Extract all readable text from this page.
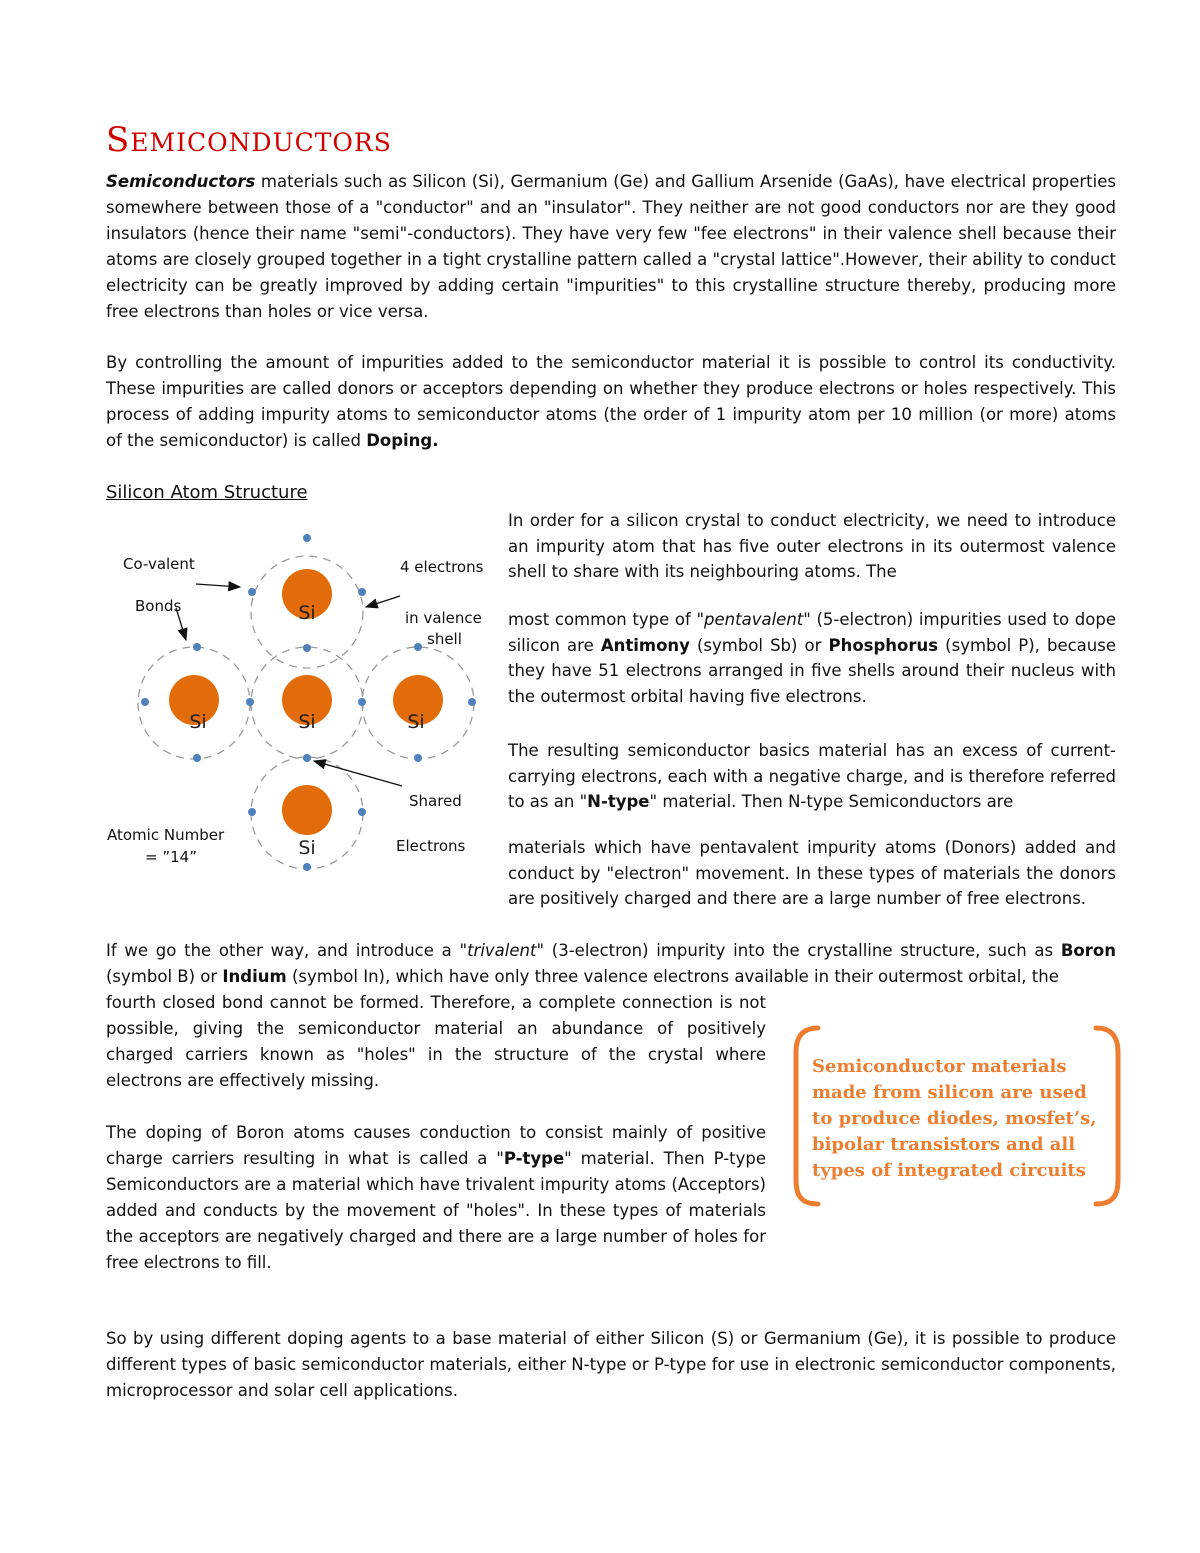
SEMICONDUCTORS

Semiconductors materials such as Silicon (Si), Germanium (Ge) and Gallium Arsenide (GaAs), have electrical properties somewhere between those of a "conductor" and an "insulator". They neither are not good conductors nor are they good insulators (hence their name "semi"-conductors). They have very few "fee electrons" in their valence shell because their atoms are closely grouped together in a tight crystalline pattern called a "crystal lattice".However, their ability to conduct electricity can be greatly improved by adding certain "impurities" to this crystalline structure thereby, producing more free electrons than holes or vice versa.

By controlling the amount of impurities added to the semiconductor material it is possible to control its conductivity. These impurities are called donors or acceptors depending on whether they produce electrons or holes respectively. This process of adding impurity atoms to semiconductor atoms (the order of 1 impurity atom per 10 million (or more) atoms of the semiconductor) is called Doping.

Silicon Atom Structure
Si
Si	Si	Si
Si
Co-valent
Bonds
4 electrons
in valence
shell
Shared
Electrons
Atomic Number
= ”14”

In order for a silicon crystal to conduct electricity, we need to introduce an impurity atom that has five outer electrons in its outermost valence shell to share with its neighbouring atoms. The

most common type of "pentavalent" (5-electron) impurities used to dope silicon are Antimony (symbol Sb) or Phosphorus (symbol P), because they have 51 electrons arranged in five shells around their nucleus with the outermost orbital having five electrons.

The resulting semiconductor basics material has an excess of current-carrying electrons, each with a negative charge, and is therefore referred to as an "N-type" material. Then N-type Semiconductors are

materials which have pentavalent impurity atoms (Donors) added and conduct by "electron" movement. In these types of materials the donors are positively charged and there are a large number of free electrons.

If we go the other way, and introduce a "trivalent" (3-electron) impurity into the crystalline structure, such as Boron (symbol B) or Indium (symbol In), which have only three valence electrons available in their outermost orbital, the

fourth closed bond cannot be formed. Therefore, a complete connection is not possible, giving the semiconductor material an abundance of positively charged carriers known as "holes" in the structure of the crystal where electrons are effectively missing.

The doping of Boron atoms causes conduction to consist mainly of positive charge carriers resulting in what is called a "P-type" material. Then P-type Semiconductors are a material which have trivalent impurity atoms (Acceptors) added and conducts by the movement of "holes". In these types of materials the acceptors are negatively charged and there are a large number of holes for free electrons to fill.

Semiconductor materials made from silicon are used to produce diodes, mosfet’s, bipolar transistors and all types of integrated circuits

So by using different doping agents to a base material of either Silicon (S) or Germanium (Ge), it is possible to produce different types of basic semiconductor materials, either N-type or P-type for use in electronic semiconductor components, microprocessor and solar cell applications.
